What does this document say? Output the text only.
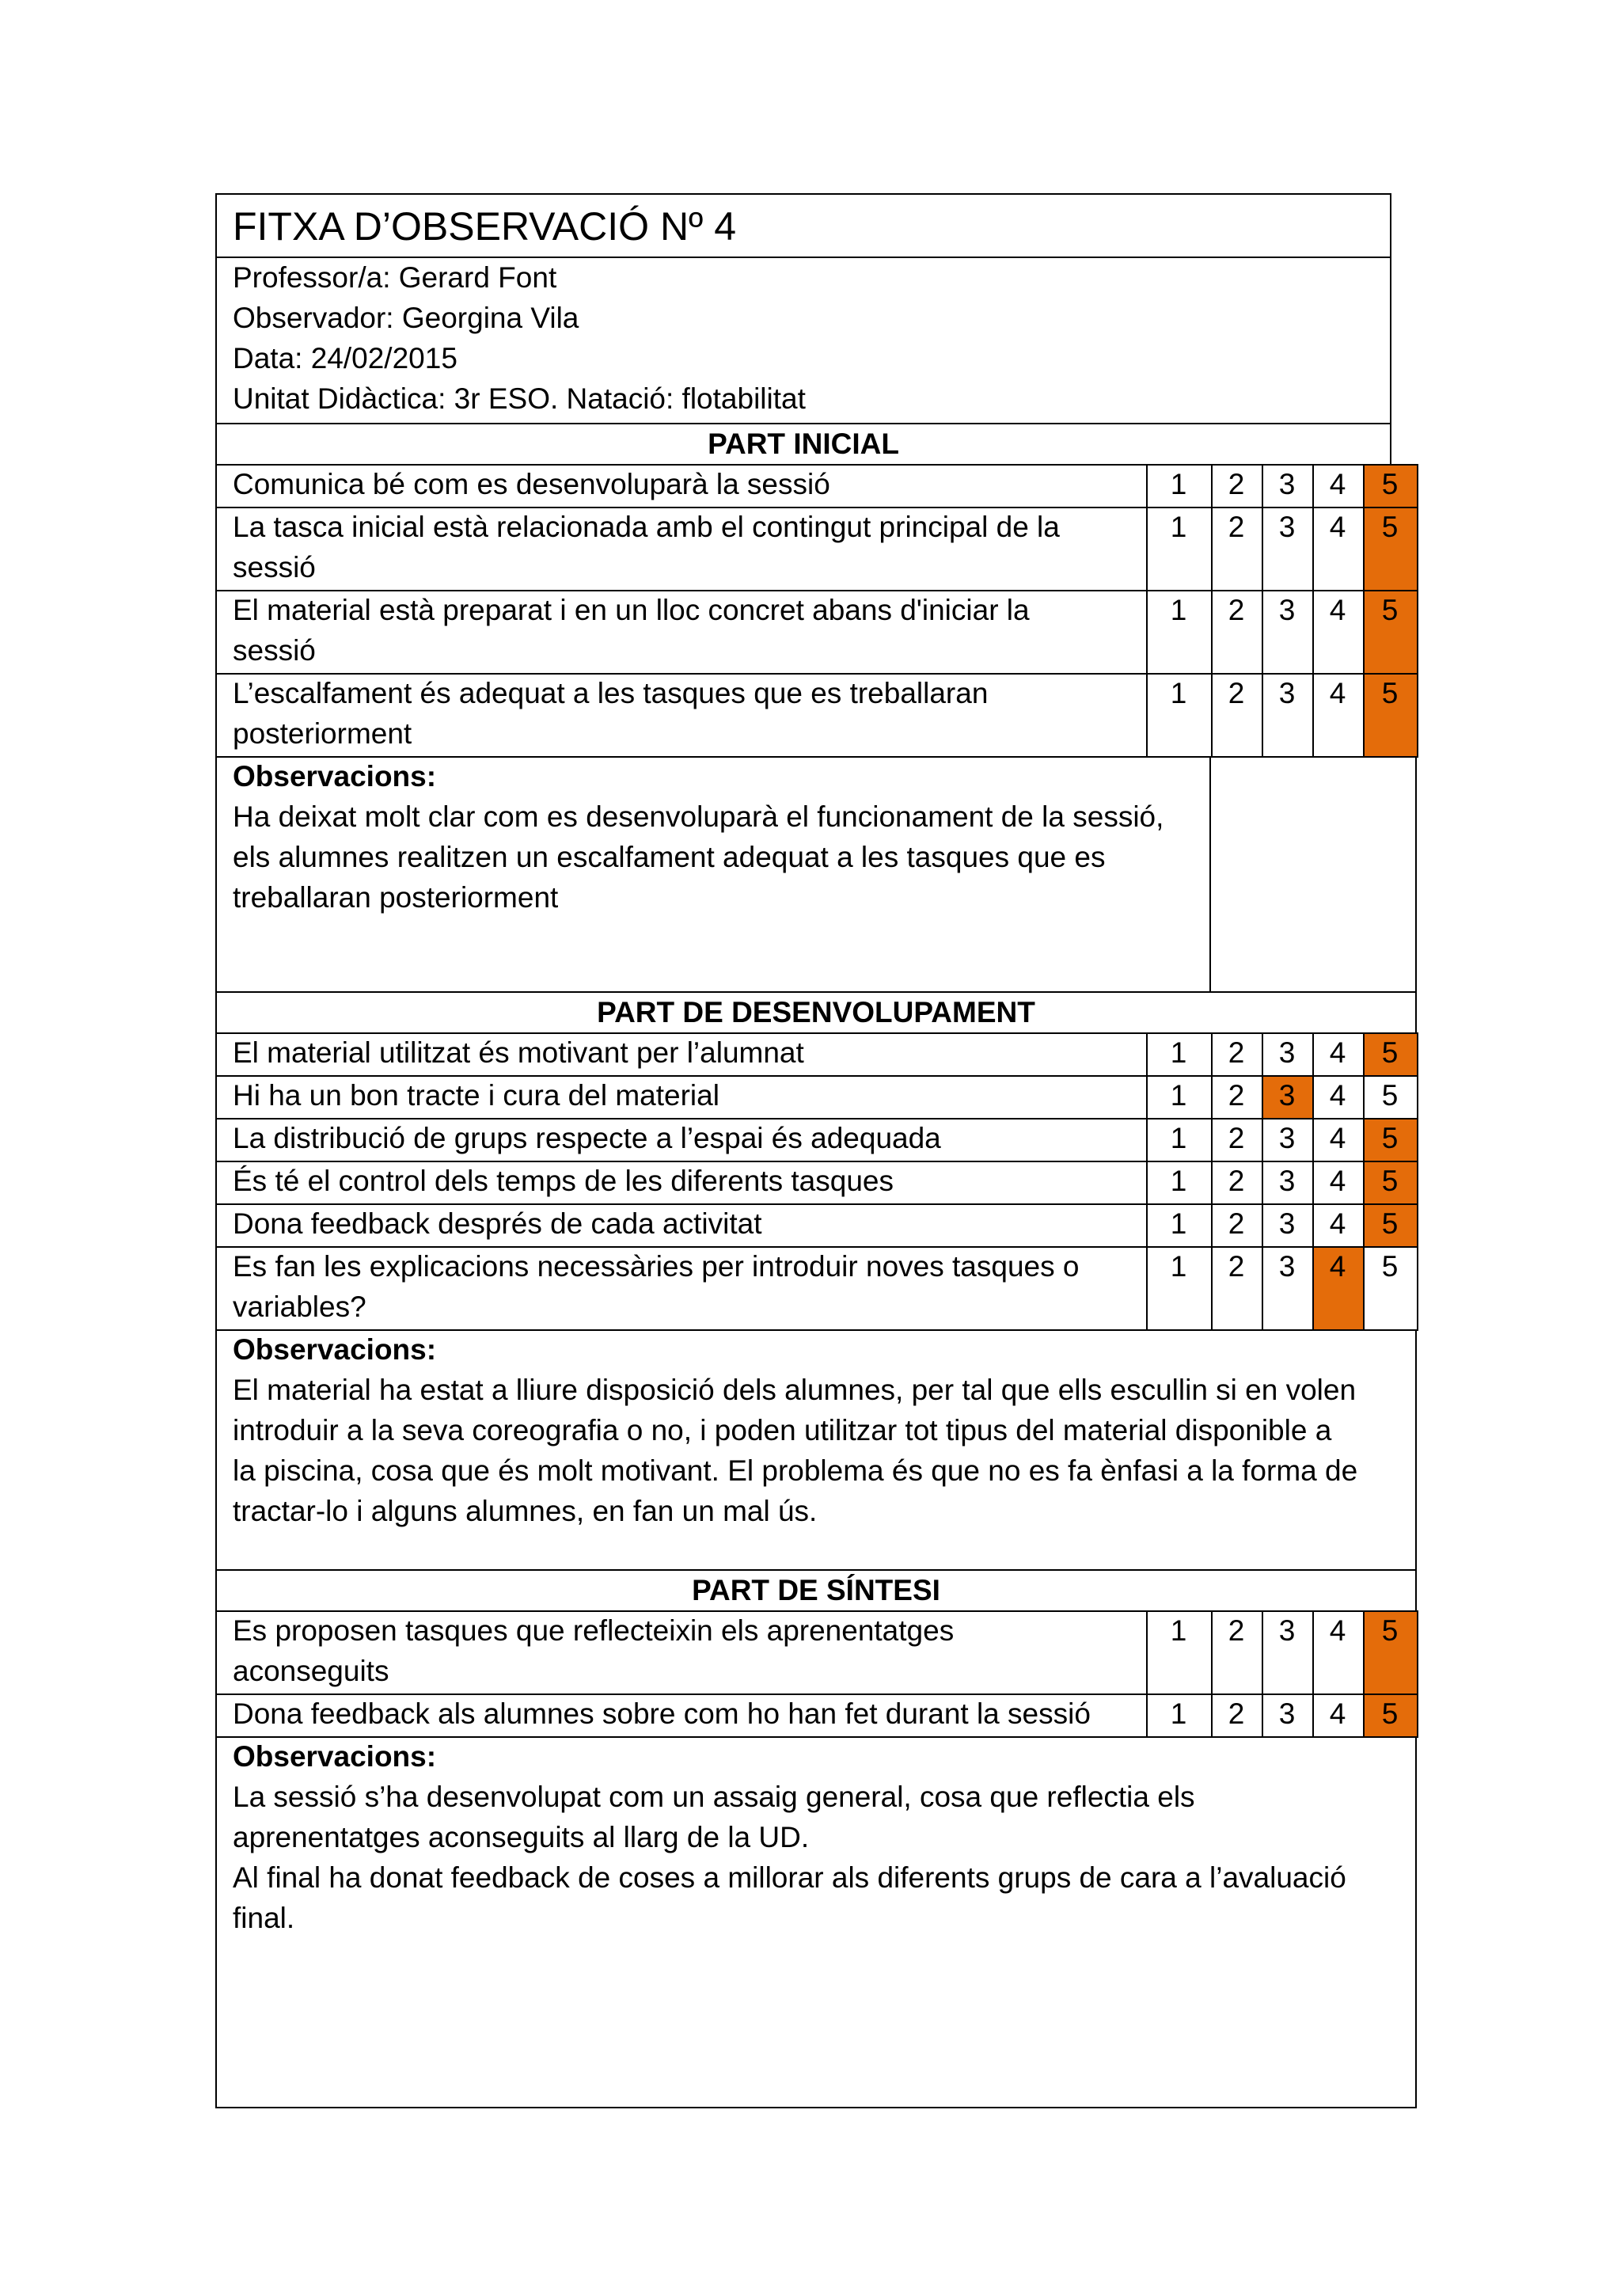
FITXA D’OBSERVACIÓ Nº 4
Professor/a: Gerard Font
Observador: Georgina Vila
Data: 24/02/2015
Unitat Didàctica: 3r ESO. Natació: flotabilitat
PART INICIAL
Comunica bé com es desenvoluparà la sessió	1	2	3	4	5
La tasca inicial està relacionada amb el contingut principal de la
sessió
1	2	3	4	5
El material està preparat i en un lloc concret abans d'iniciar la
sessió
1	2	3	4	5
L’escalfament és adequat a les tasques que es treballaran
posteriorment
1	2	3	4	5
Observacions:
Ha deixat molt clar com es desenvoluparà el funcionament de la sessió,
els alumnes realitzen un escalfament adequat a les tasques que es
treballaran posteriorment
PART DE DESENVOLUPAMENT
El material utilitzat és motivant per l’alumnat	1	2	3	4	5
Hi ha un bon tracte i cura del material	1	2	3	4	5
La distribució de grups respecte a l’espai és adequada	1	2	3	4	5
És té el control dels temps de les diferents tasques	1	2	3	4	5
Dona feedback després de cada activitat	1	2	3	4	5
Es fan les explicacions necessàries per introduir noves tasques o
variables?
1	2	3	4	5
Observacions:
El material ha estat a lliure disposició dels alumnes, per tal que ells escullin si en volen
introduir a la seva coreografia o no, i poden utilitzar tot tipus del material disponible a
la piscina, cosa que és molt motivant. El problema és que no es fa ènfasi a la forma de
tractar-lo i alguns alumnes, en fan un mal ús.
PART DE SÍNTESI
Es proposen tasques que reflecteixin els aprenentatges
aconseguits
1	2	3	4	5
Dona feedback als alumnes sobre com ho han fet durant la sessió	1	2	3	4	5
Observacions:
La sessió s’ha desenvolupat com un assaig general, cosa que reflectia els
aprenentatges aconseguits al llarg de la UD.
Al final ha donat feedback de coses a millorar als diferents grups de cara a l’avaluació
final.
